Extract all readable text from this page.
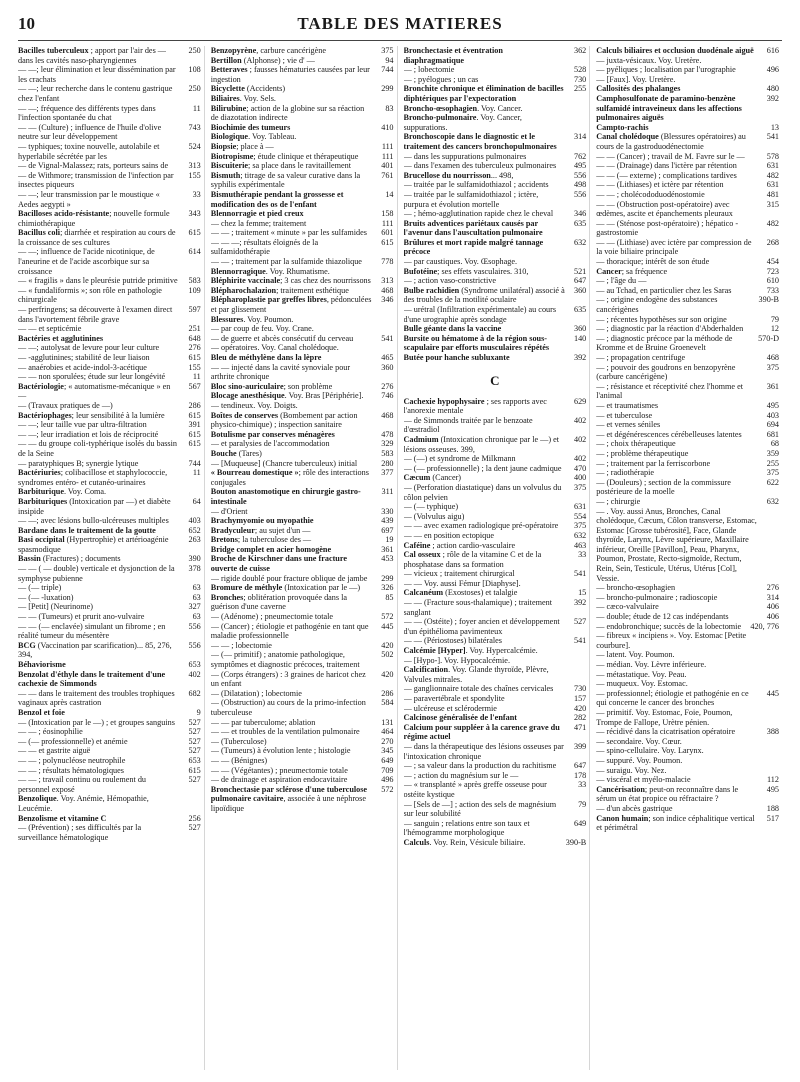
10	TABLE DES MATIERES
Bacilles tuberculeux ; apport par l'air des — dans les cavités naso-pharyngiennes
250
— —; leur élimination et leur dissémination par les crachats
108
— —; leur recherche dans le contenu gastrique chez l'enfant
250
— —; fréquence des différents types dans l'infection spontanée du chat
11
— — (Culture) ; influence de l'huile d'olive neutre sur leur développement
743
— typhiques; toxine nouvelle, autolabile et hyperlabile sécrétée par les
524
— de Vignal-Malassez; rats, porteurs sains de	313
— de Withmore; transmission de l'infection par insectes piqueurs
155
— —; leur transmission par le moustique « Aedes aegypti »
33
Bacilloses acido-résistante; nouvelle formule chimiothérapique
343
Bacillus coli; diarrhée et respiration au cours de la croissance de ses cultures
615
— —; influence de l'acide nicotinique, de l'aneurine et de l'acide ascorbique sur sa croissance
614
— « fragilis » dans le pleurésie putride primitive	583
— « fundaliformis »; son rôle en pathologie chirurgicale
109
— perfringens; sa découverte à l'examen direct dans l'avortement fébrile grave
597
— — et septicémie	251
Bactéries et agglutinines	648
— —; autolysat de levure pour leur culture	276
— -agglutinines; stabilité de leur liaison	615
— anaérobies et acide-indol-3-acétique	155
— — non sporulées; étude sur leur longévité	11
Bactériologie; « automatisme-mécanique » en —
567
— (Travaux pratiques de —)	286
Bactériophages; leur sensibilité à la lumière	615
— —; leur taille vue par ultra-filtration	391
— —; leur irradiation et lois de réciprocité	615
— — du groupe coli-typhérique isolés du bassin de la Seine
615
— paratyphiques B; synergie lytique	744
Bactériuries; colibacillose et staphylococcie, syndromes entéro- et cutanéo-urinaires
11
Barbiturique. Voy. Coma.
Barbituriques (Intoxication par —) et diabète insipide
64
— —; avec lésions bullo-ulcéreuses multiples	403
Bardane dans le traitement de la goutte	652
Basi occipital (Hypertrophie) et artérioagénie spasmodique
263
Bassin (Fractures) ; documents	390
— — ( — double) verticale et dysjonction de la symphyse pubienne
378
— (— triple)	63
— (— -luxation)	63
— [Petit] (Neurinome)	327
— — (Tumeurs) et prurit ano-vulvaire	63
— — (— enclavée) simulant un fibrome ; en réalité tumeur du mésentère
556
BCG (Vaccination par scarification)... 85, 276, 394,
556
Béhaviorisme	653
Benzolat d'éthyle dans le traitement d'une cachexie de Simmonds
402
— — dans le traitement des troubles trophiques vaginaux après castration
682
Benzol et foie	9
— (Intoxication par le —) ; et groupes sanguins	527
— — ; éosinophilie	527
— (— professionnelle) et anémie	527
— — et gastrite aiguë	527
— — ; polynucléose neutrophile	653
— — ; résultats hématologiques	615
— — ; travail continu ou roulement du personnel exposé
527
Benzolique. Voy. Anémie, Hémopathie, Leucémie.
Benzolisme et vitamine C	256
— (Prévention) ; ses difficultés par la surveillance hématologique
527
Benzopyrène, carbure cancérigène	375
Bertillon (Alphonse) ; vie d' —	94
Betteraves ; fausses hématuries causées par leur ingestion
744
Bicyclette (Accidents)	299
Biliaires. Voy. Sels.
Bilirubine; action de la globine sur sa réaction de diazotation indirecte
83
Biochimie des tumeurs	410
Biologique. Voy. Tableau.
Biopsie; place à —	111
Biotropisme; étude clinique et thérapeutique	111
Biscuiterie; sa place dans le ravitaillement	401
Bismuth; titrage de sa valeur curative dans la syphilis expérimentale
761
Bismuthérapie pendant la grossesse et modification des os de l'enfant
14
Blennorragie et pied creux	158
— chez la femme; traitement	111
— — ; traitement « minute » par les sulfamides	601
— — —; résultats éloignés de la sulfamidothérapie
615
— — ; traitement par la sulfamide thiazolique	778
Blennorragique. Voy. Rhumatisme.
Bléphirite vaccinale; 3 cas chez des nourrissons	313
Blépharochalazion; traitement esthétique	468
Blépharoplastie par greffes libres, pédonculées et par glissement
346
Blessures. Voy. Poumon.
— par coup de feu. Voy. Crane.
— de guerre et abcès consécutif du cerveau	541
— opératoires. Voy. Canal cholédoque.
Bleu de méthylène dans la lèpre	465
— — injecté dans la cavité synoviale pour arthrite chronique
360
Bloc sino-auriculaire; son problème	276
Blocage anesthésique. Voy. Bras [Périphérie].	746
— tendineux. Voy. Doigts.
Boîtes de conserves (Bombement par action physico-chimique) ; inspection sanitaire
468
Botulisme par conserves ménagères	478
— et paralysies de l'accommodation	329
Bouche (Tares)	583
— [Muqueuse] (Chancre tuberculeux) initial	280
« Bourreau domestique »; rôle des interactions conjugales
377
Bouton anastomotique en chirurgie gastro-intestinale
311
— d'Orient	330
Brachymyomie ou myopathie	439
Bradyculeur; au sujet d'un —	697
Bretons; la tuberculose des —	19
Bridge complet en acier homogène	361
Broche de Kirschner dans une fracture ouverte de cuisse
453
— rigide doublé pour fracture oblique de jambe	299
Bromure de méthyle (Intoxication par le —)	326
Bronches; oblitération provoquée dans la guérison d'une caverne
85
— (Adénome) ; pneumectomie totale	572
— (Cancer) ; étiologie et pathogénie en tant que maladie professionnelle
445
— — ; lobectomie	420
— (— primitif) ; anatomie pathologique, symptômes et diagnostic précoces, traitement
502
— (Corps étrangers) : 3 graines de haricot chez un enfant
420
— (Dilatation) ; lobectomie	286
— (Obstruction) au cours de la primo-infection tuberculeuse
584
— — par tuberculome; ablation	131
— — et troubles de la ventilation pulmonaire	464
— (Tuberculose)	270
— (Tumeurs) à évolution lente ; histologie	345
— — (Bénignes)	649
— — (Végétantes) ; pneumectomie totale	709
— de drainage et aspiration endocavitaire	496
Bronchectasie par sclérose d'une tuberculose pulmonaire cavitaire, associée à une néphrose lipoïdique
572
Bronchectasie et éventration diaphragmatique
362
— ; lobectomie	528
— ; pyélogues ; un cas	730
Bronchite chronique et élimination de bacilles diphtériques par l'expectoration
255
Broncho-œsophagien. Voy. Cancer.
Broncho-pulmonaire. Voy. Cancer, suppurations.
Bronchoscopie dans le diagnostic et le traitement des cancers bronchopulmonaires
314
— dans les suppurations pulmonaires	762
— dans l'examen des tuberculeux pulmonaires	495
Brucellose du nourrisson... 498,	556
— traitée par le sulfamidothiazol ; accidents	498
— traitée par le sulfamidothiazol ; ictère, purpura et évolution mortelle
556
— ; hémo-agglutination rapide chez le cheval	346
Bruits adventices pariétaux causés par l'avenur dans l'auscultation pulmonaire
635
Brûlures et mort rapide malgré tannage précoce
632
— par caustiques. Voy. Œsophage.
Bufotéine; ses effets vasculaires. 310,	521
— ; action vaso-constrictive	647
Bulbe rachidien (Syndrome unilatéral) associé à des troubles de la motilité oculaire
360
— urétral (Infiltration expérimentale) au cours d'une urographie après sondage
635
Bulle géante dans la vaccine	360
Bursite ou hématome à de la région sous-scapulaire par efforts musculaires répétés
140
Butée pour hanche subluxante	392
C
Cachexie hypophysaire ; ses rapports avec l'anorexie mentale
629
— de Simmonds traitée par le benzoate d'œstradiol
402
Cadmium (Intoxication chronique par le —) et lésions osseuses. 399,
402
— (—) et syndrome de Milkmann	402
— (— professionnelle) ; la dent jaune cadmique	470
Cæcum (Cancer)	400
— (Perforation diastatique) dans un volvulus du côlon pelvien
375
— (— typhique)	631
— (Volvulus aigu)	554
— — avec examen radiologique pré-opératoire	375
— — en position ectopique	632
Caféine ; action cardio-vasculaire	463
Cal osseux ; rôle de la vitamine C et de la phosphatase dans sa formation
33
— vicieux ; traitement chirurgical	541
— — Voy. aussi Fémur [Diaphyse].
Calcanéum (Exostoses) et talalgie	15
— — (Fracture sous-thalamique) ; traitement sanglant
392
— — (Ostéite) ; foyer ancien et développement d'un épithélioma pavimenteux
527
— — (Périostoses) bilatérales	541
Calcémie [Hyper]. Voy. Hypercalcémie.
— [Hypo-]. Voy. Hypocalcémie.
Calcification. Voy. Glande thyroïde, Plèvre, Valvules mitrales.
— ganglionnaire totale des chaînes cervicales	730
— paravertébrale et spondylite	157
— ulcéreuse et sclérodermie	420
Calcinose généralisée de l'enfant	282
Calcium pour suppléer à la carence grave du régime actuel
471
— dans la thérapeutique des lésions osseuses par l'intoxication chronique
399
— ; sa valeur dans la production du rachitisme	647
— ; action du magnésium sur le —	178
— « transplanté » après greffe osseuse pour ostéite kystique
33
— [Sels de —] ; action des sels de magnésium sur leur solubilité
79
— sanguin ; relations entre son taux et l'hémogramme morphologique
649
Calculs. Voy. Rein, Vésicule biliaire.	390-B
Calculs biliaires et occlusion duodénale aiguë	616
— juxta-vésicaux. Voy. Uretère.
— pyéliques ; localisation par l'urographie	496
— [Faux]. Voy. Uretère.
Callosités des phalanges	480
Camphosulfonate de paramino-benzène sulfamidé intraveineux dans les affections pulmonaires aiguës
392
Campto-rachis	13
Canal cholédoque (Blessures opératoires) au cours de la gastroduodénectomie
541
— — (Cancer) ; travail de M. Favre sur le —	578
— — (Drainage) dans l'ictère par rétention	631
— — (— externe) ; complications tardives	482
— — (Lithiases) et ictère par rétention	631
— — ; cholécododuodénostomie	481
— — (Obstruction post-opératoire) avec œdèmes, ascite et épanchements pleuraux
315
— — (Sténose post-opératoire) ; hépatico - gastrostomie
482
— — (Lithiase) avec ictère par compression de la voie biliaire principale
268
— thoracique; intérêt de son étude	454
Cancer; sa fréquence	723
— ; l'âge du —	610
— au Tchad, en particulier chez les Saras	733
— ; origine endogène des substances cancérigènes
390-B
— ; récentes hypothèses sur son origine	79
— ; diagnostic par la réaction d'Abderhalden	12
— ; diagnostic précoce par la méthode de Kromme et de Bruine Groenevelt
570-D
— ; propagation centrifuge	468
— ; pouvoir des goudrons en benzopyrène (carbure cancérigène)
375
— ; résistance et réceptivité chez l'homme et l'animal
361
— et traumatismes	495
— et tuberculose	403
— et vernes séniles	694
— et dégénérescences cérébelleuses latentes	681
— ; choix thérapeutique	68
— ; problème thérapeutique	359
— ; traitement par la ferriscorbone	255
— ; radiothérapie	375
— (Douleurs) ; section de la commissure postérieure de la moelle
622
— ; chirurgie	632
— . Voy. aussi Anus, Bronches, Canal cholédoque, Cæcum, Côlon transverse, Estomac, Estomac [Grosse tubérosité], Face, Glande thyroïde, Larynx, Lèvre supérieure, Maxillaire inférieur, Oreille [Pavillon], Peau, Pharynx, Poumon, Prostate, Recto-sigmoïde, Rectum, Rein, Sein, Testicule, Utérus, Utérus [Col], Vessie.
— broncho-œsophagien	276
— broncho-pulmonaire ; radioscopie	314
— cæco-valvulaire	406
— double; étude de 12 cas indépendants	406
— endobronchique; succès de la lobectomie	420, 776
— fibreux « incipiens ». Voy. Estomac [Petite courbure].
— latent. Voy. Poumon.
— médian. Voy. Lèvre inférieure.
— métastatique. Voy. Peau.
— muqueux. Voy. Estomac.
— professionnel; étiologie et pathogénie en ce qui concerne le cancer des bronches
445
— primitif. Voy. Estomac, Foie, Poumon, Trompe de Fallope, Urètre pénien.
— récidivé dans la cicatrisation opératoire	388
— secondaire. Voy. Cœur.
— spino-cellulaire. Voy. Larynx.
— suppuré. Voy. Poumon.
— suraigu. Voy. Nez.
— viscéral et myélo-malacie	112
Cancérisation; peut-on reconnaître dans le sérum un état propice ou réfractaire ?
495
— d'un abcès gastrique	188
Canon humain; son indice céphalitique vertical et périmétral
517
